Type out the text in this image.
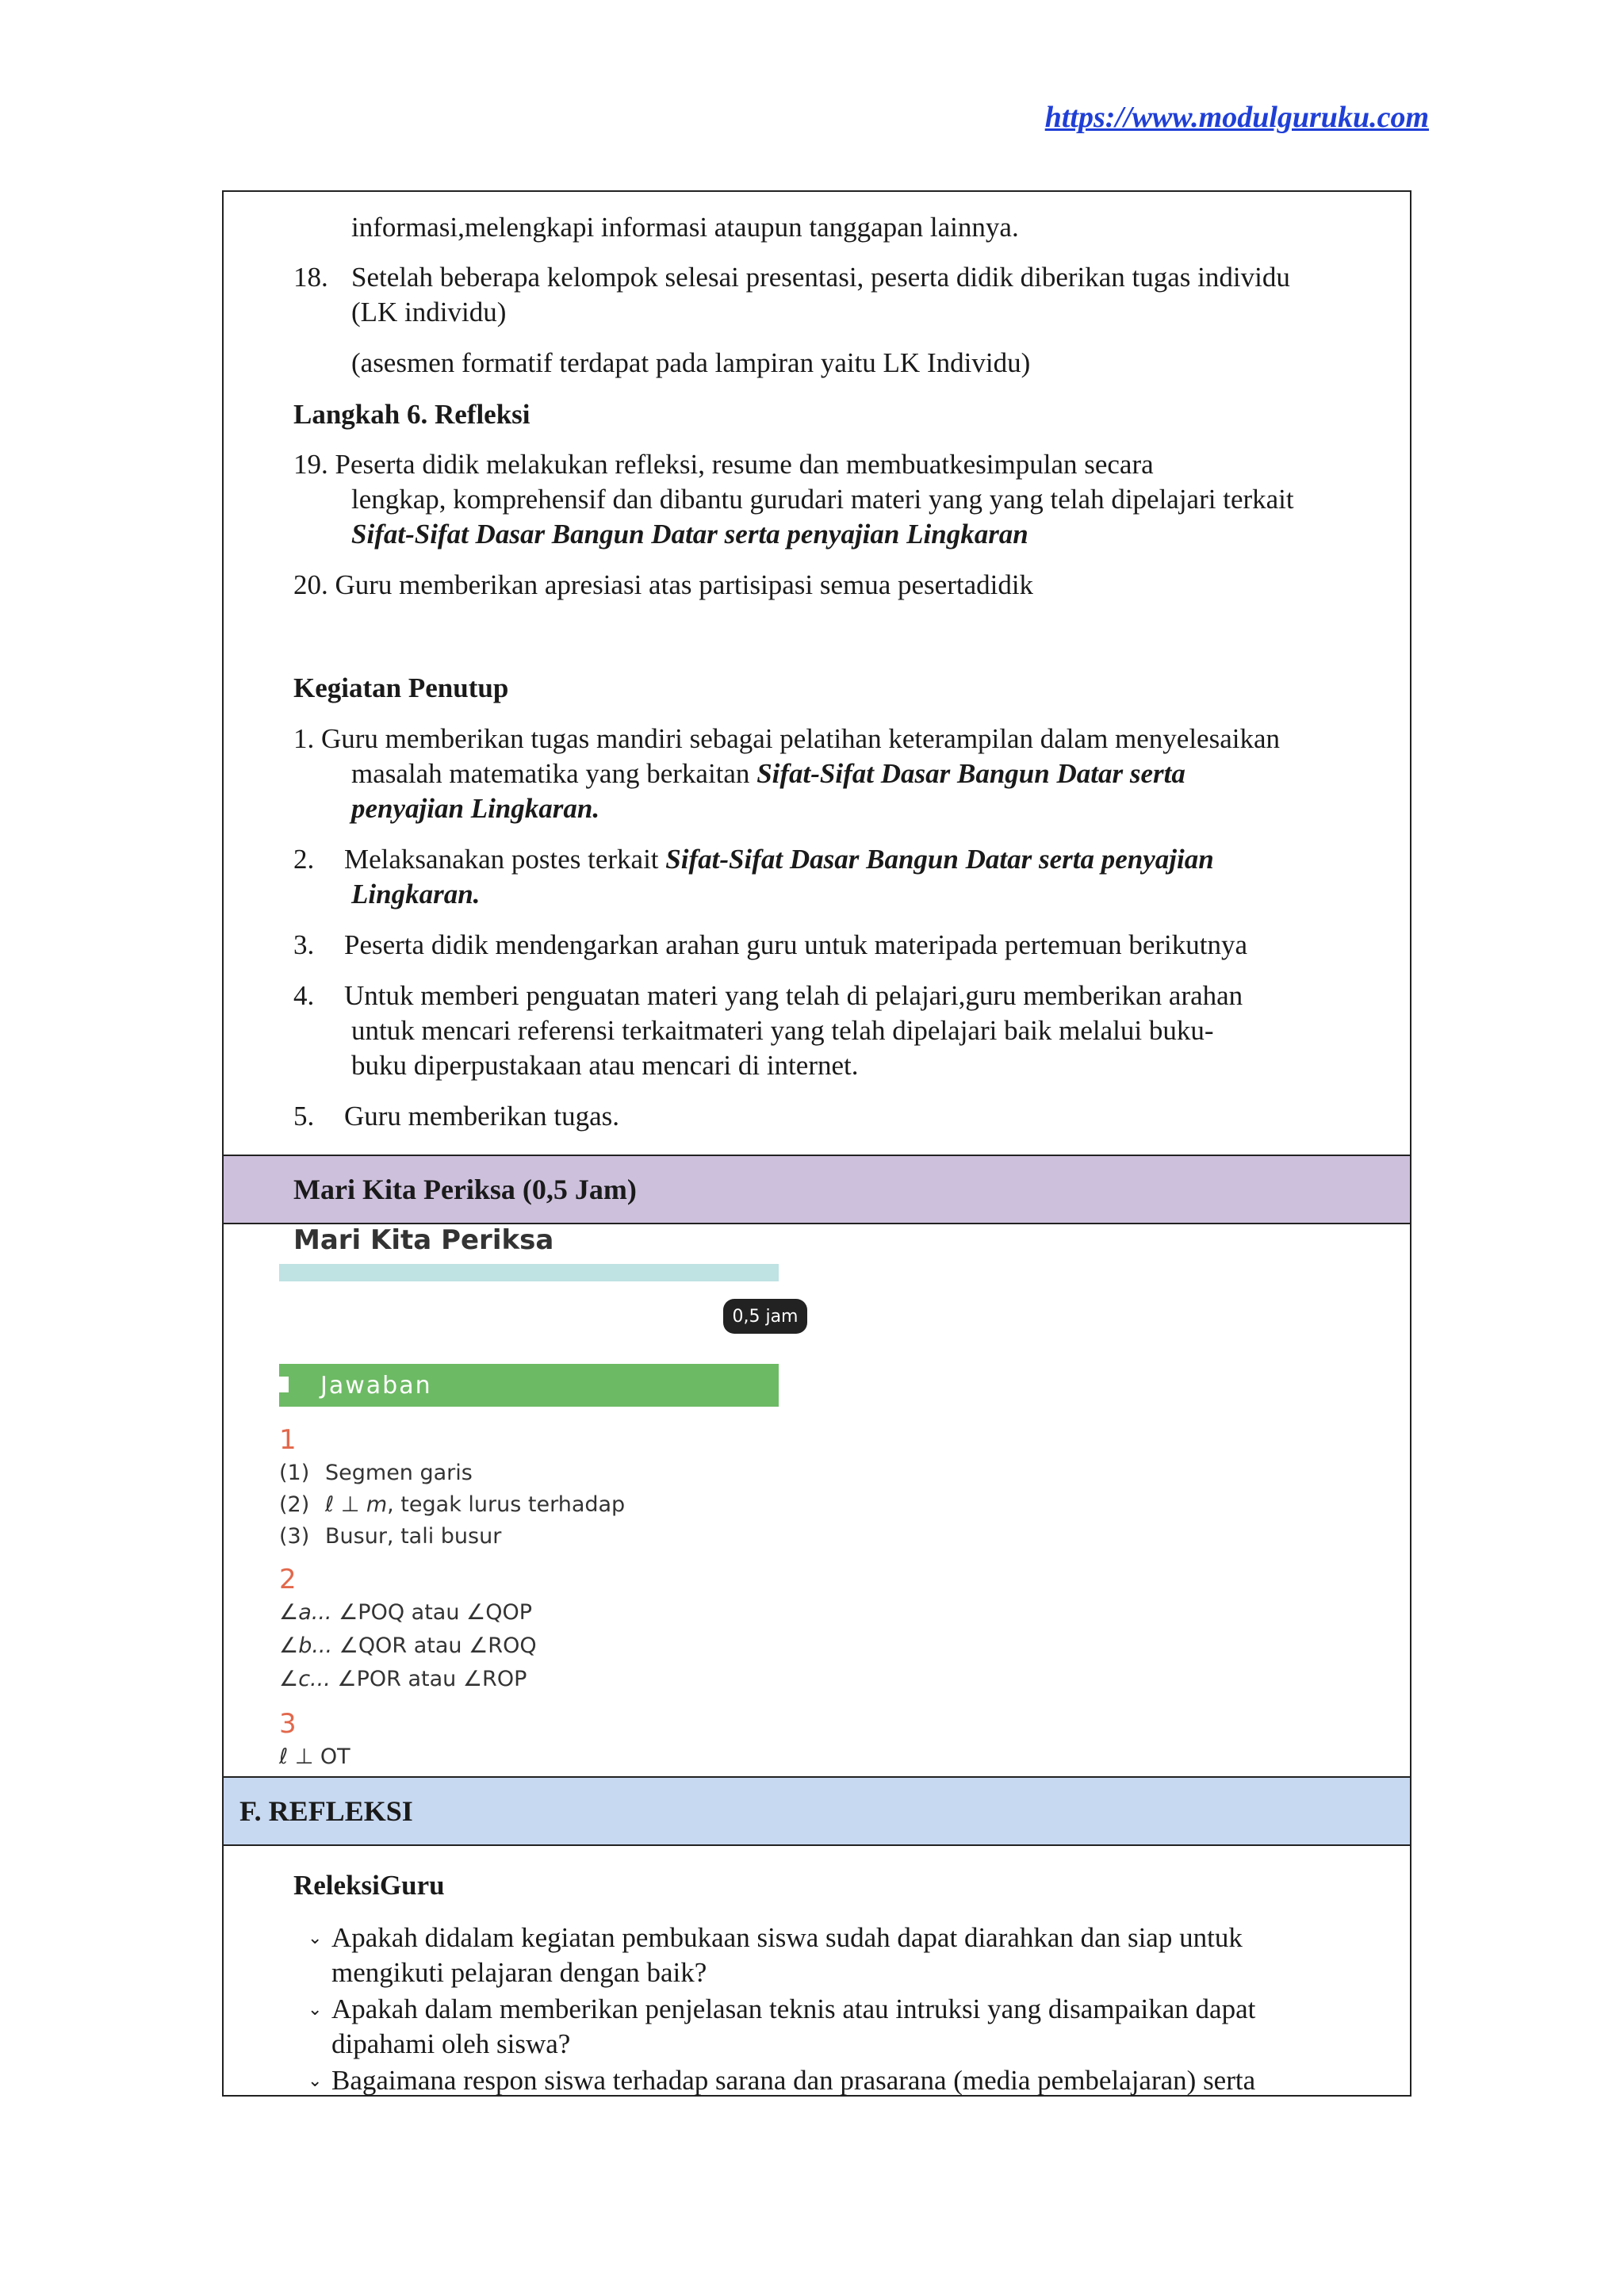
https://www.modulguruku.com
informasi,melengkapi informasi ataupun tanggapan lainnya.
18. Setelah beberapa kelompok selesai presentasi, peserta didik diberikan tugas individu
(LK individu)
(asesmen formatif terdapat pada lampiran yaitu LK Individu)
Langkah 6. Refleksi
19. Peserta didik melakukan refleksi, resume dan membuatkesimpulan secara
lengkap, komprehensif dan dibantu gurudari materi yang yang telah dipelajari terkait
Sifat-Sifat Dasar Bangun Datar serta penyajian Lingkaran
20. Guru memberikan apresiasi atas partisipasi semua pesertadidik
Kegiatan Penutup
1. Guru memberikan tugas mandiri sebagai pelatihan keterampilan dalam menyelesaikan
masalah matematika yang berkaitan Sifat-Sifat Dasar Bangun Datar serta
penyajian Lingkaran.
2. Melaksanakan postes terkait Sifat-Sifat Dasar Bangun Datar serta penyajian
Lingkaran.
3. Peserta didik mendengarkan arahan guru untuk materipada pertemuan berikutnya
4. Untuk memberi penguatan materi yang telah di pelajari,guru memberikan arahan
untuk mencari referensi terkaitmateri yang telah dipelajari baik melalui buku-
buku diperpustakaan atau mencari di internet.
5. Guru memberikan tugas.
Mari Kita Periksa (0,5 Jam)
Mari Kita Periksa
0,5 jam
Jawaban
1
(1) Segmen garis
(2) ℓ ⊥ m, tegak lurus terhadap
(3) Busur, tali busur
2
∠a... ∠POQ atau ∠QOP
∠b... ∠QOR atau ∠ROQ
∠c... ∠POR atau ∠ROP
3
ℓ ⊥ OT
F. REFLEKSI
ReleksiGuru
⌄ Apakah didalam kegiatan pembukaan siswa sudah dapat diarahkan dan siap untuk
mengikuti pelajaran dengan baik?
⌄ Apakah dalam memberikan penjelasan teknis atau intruksi yang disampaikan dapat
dipahami oleh siswa?
⌄ Bagaimana respon siswa terhadap sarana dan prasarana (media pembelajaran) serta
